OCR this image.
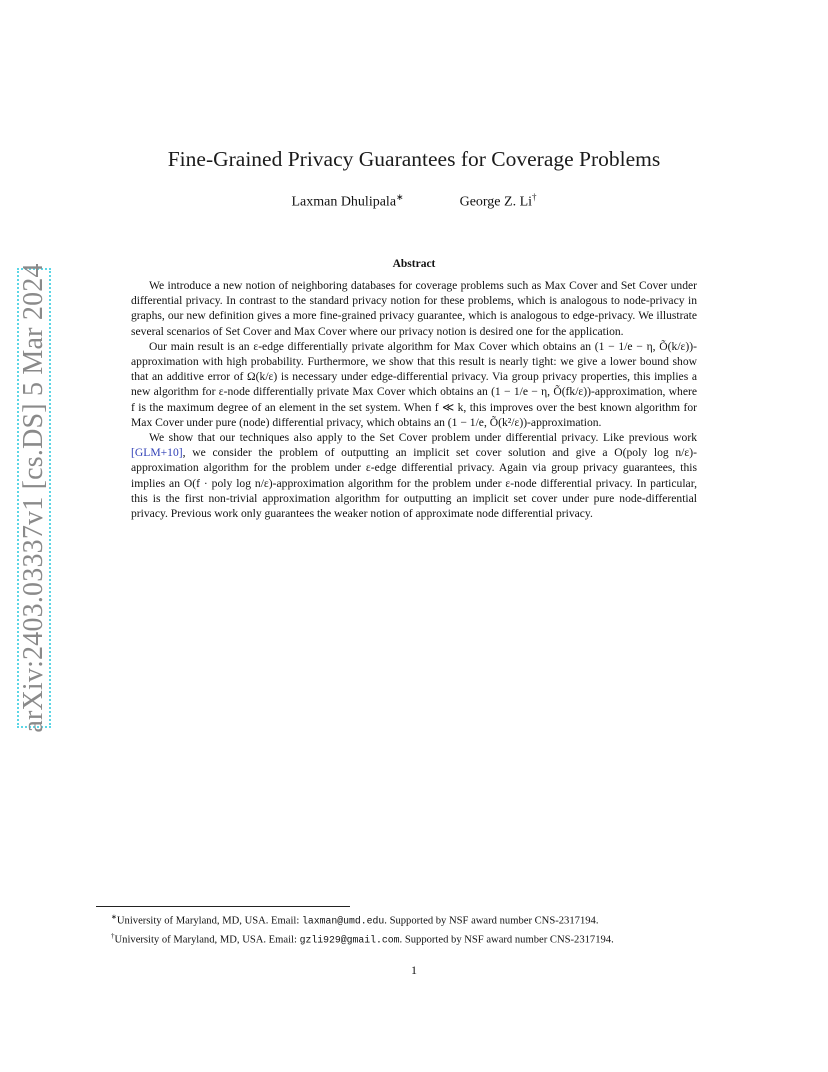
arXiv:2403.03337v1 [cs.DS] 5 Mar 2024
Fine-Grained Privacy Guarantees for Coverage Problems
Laxman Dhulipala∗	George Z. Li†
Abstract

We introduce a new notion of neighboring databases for coverage problems such as Max Cover and Set Cover under differential privacy. In contrast to the standard privacy notion for these problems, which is analogous to node-privacy in graphs, our new definition gives a more fine-grained privacy guarantee, which is analogous to edge-privacy. We illustrate several scenarios of Set Cover and Max Cover where our privacy notion is desired one for the application.

Our main result is an ε-edge differentially private algorithm for Max Cover which obtains an (1 − 1/e − η, Õ(k/ε))-approximation with high probability. Furthermore, we show that this result is nearly tight: we give a lower bound show that an additive error of Ω(k/ε) is necessary under edge-differential privacy. Via group privacy properties, this implies a new algorithm for ε-node differentially private Max Cover which obtains an (1 − 1/e − η, Õ(fk/ε))-approximation, where f is the maximum degree of an element in the set system. When f ≪ k, this improves over the best known algorithm for Max Cover under pure (node) differential privacy, which obtains an (1 − 1/e, Õ(k²/ε))-approximation.

We show that our techniques also apply to the Set Cover problem under differential privacy. Like previous work [GLM+10], we consider the problem of outputting an implicit set cover solution and give a O(poly log n/ε)-approximation algorithm for the problem under ε-edge differential privacy. Again via group privacy guarantees, this implies an O(f · poly log n/ε)-approximation algorithm for the problem under ε-node differential privacy. In particular, this is the first non-trivial approximation algorithm for outputting an implicit set cover under pure node-differential privacy. Previous work only guarantees the weaker notion of approximate node differential privacy.

∗University of Maryland, MD, USA. Email: laxman@umd.edu. Supported by NSF award number CNS-2317194.
†University of Maryland, MD, USA. Email: gzli929@gmail.com. Supported by NSF award number CNS-2317194.
1
